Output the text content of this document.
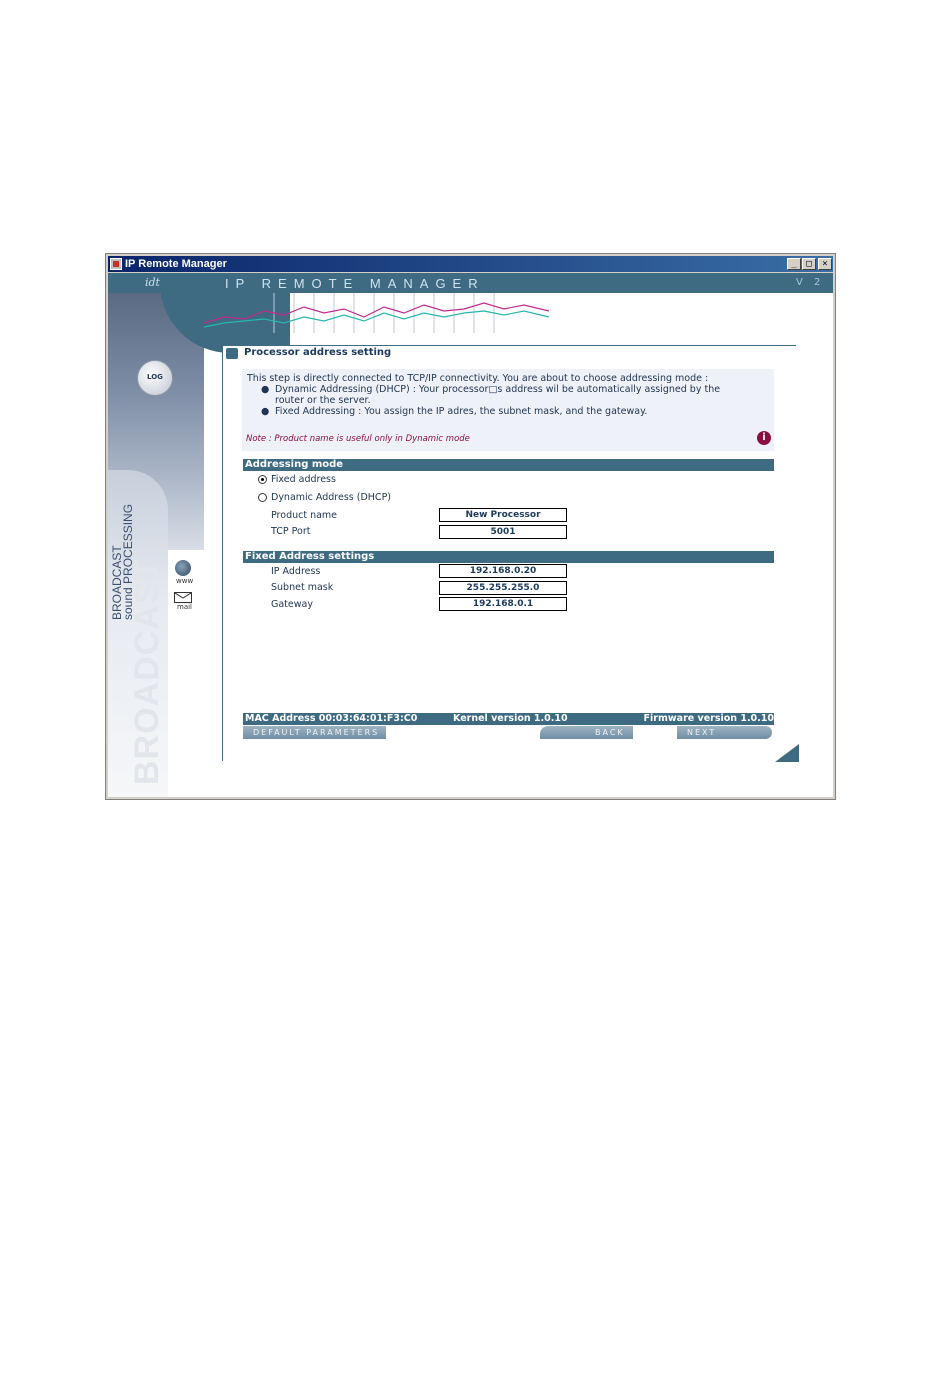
IP Remote Manager	_	□	×
BROADCAST
BROADCAST
sound PROCESSING
LOG
www
mail
idt	IP REMOTE MANAGER	V 2
Processor address setting
This step is directly connected to TCP/IP connectivity. You are about to choose addressing mode :
● Dynamic Addressing (DHCP) : Your processor□s address wil be automatically assigned by the
router or the server.
● Fixed Addressing : You assign the IP adres, the subnet mask, and the gateway.
Note : Product name is useful only in Dynamic mode	i
Addressing mode
Fixed address
Dynamic Address (DHCP)
Product name	New Processor
TCP Port	5001
Fixed Address settings
IP Address	192.168.0.20
Subnet mask	255.255.255.0
Gateway	192.168.0.1
MAC Address 00:03:64:01:F3:C0	Kernel version 1.0.10	Firmware version 1.0.10
DEFAULT PARAMETERS	BACK	NEXT
